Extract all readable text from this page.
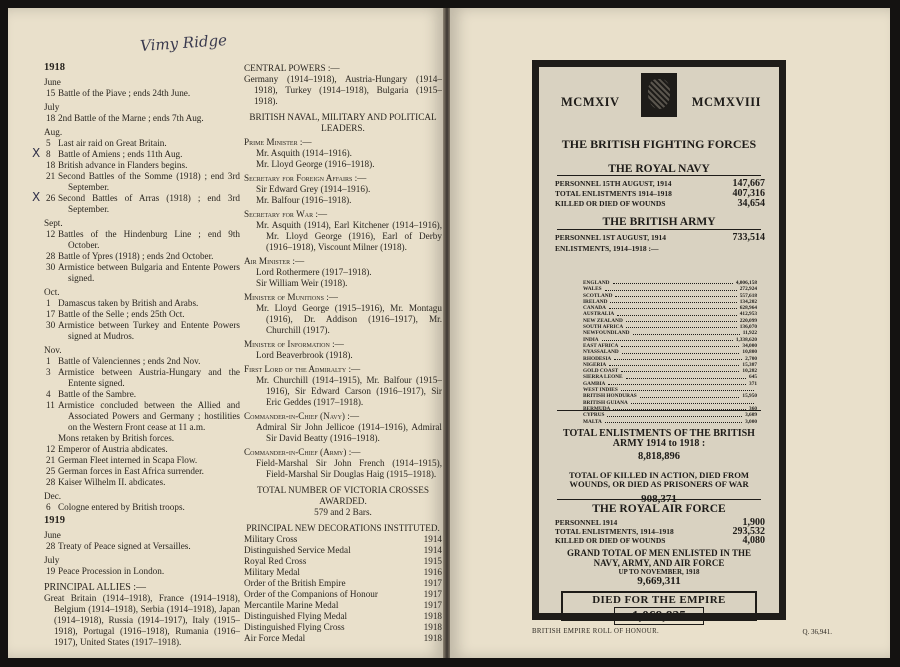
Vimy Ridge
1918
June
15 Battle of the Piave ; ends 24th June.
July
18 2nd Battle of the Marne ; ends 7th Aug.
Aug.
5 Last air raid on Great Britain.
X 8 Battle of Amiens ; ends 11th Aug.
18 British advance in Flanders begins.
21 Second Battles of the Somme (1918) ; end 3rd September.
X 26 Second Battles of Arras (1918) ; end 3rd September.
Sept.
12 Battles of the Hindenburg Line ; end 9th October.
28 Battle of Ypres (1918) ; ends 2nd October.
30 Armistice between Bulgaria and Entente Powers signed.
Oct.
1 Damascus taken by British and Arabs.
17 Battle of the Selle ; ends 25th Oct.
30 Armistice between Turkey and Entente Powers signed at Mudros.
Nov.
1 Battle of Valenciennes ; ends 2nd Nov.
3 Armistice between Austria-Hungary and the Entente signed.
4 Battle of the Sambre.
11 Armistice concluded between the Allied and Associated Powers and Germany ; hostilities on the Western Front cease at 11 a.m.
Mons retaken by British forces.
12 Emperor of Austria abdicates.
21 German Fleet interned in Scapa Flow.
25 German forces in East Africa surrender.
28 Kaiser Wilhelm II. abdicates.
Dec.
6 Cologne entered by British troops.
1919
June
28 Treaty of Peace signed at Versailles.
July
19 Peace Procession in London.
PRINCIPAL ALLIES :—
Great Britain (1914–1918), France (1914–1918), Belgium (1914–1918), Serbia (1914–1918), Japan (1914–1918), Russia (1914–1917), Italy (1915–1918), Portugal (1916–1918), Rumania (1916–1917), United States (1917–1918).
CENTRAL POWERS :—
Germany (1914–1918), Austria-Hungary (1914–1918), Turkey (1914–1918), Bulgaria (1915–1918).
BRITISH NAVAL, MILITARY AND POLITICAL LEADERS.
Prime Minister :—
Mr. Asquith (1914–1916).
Mr. Lloyd George (1916–1918).
Secretary for Foreign Affairs :—
Sir Edward Grey (1914–1916).
Mr. Balfour (1916–1918).
Secretary for War :—
Mr. Asquith (1914), Earl Kitchener (1914–1916), Mr. Lloyd George (1916), Earl of Derby (1916–1918), Viscount Milner (1918).
Air Minister :—
Lord Rothermere (1917–1918).
Sir William Weir (1918).
Minister of Munitions :—
Mr. Lloyd George (1915–1916), Mr. Montagu (1916), Dr. Addison (1916–1917), Mr. Churchill (1917).
Minister of Information :—
Lord Beaverbrook (1918).
First Lord of the Admiralty :—
Mr. Churchill (1914–1915), Mr. Balfour (1915–1916), Sir Edward Carson (1916–1917), Sir Eric Geddes (1917–1918).
Commander-in-Chief (Navy) :—
Admiral Sir John Jellicoe (1914–1916), Admiral Sir David Beatty (1916–1918).
Commander-in-Chief (Army) :—
Field-Marshal Sir John French (1914–1915), Field-Marshal Sir Douglas Haig (1915–1918).
TOTAL NUMBER OF VICTORIA CROSSES AWARDED.
579 and 2 Bars.
PRINCIPAL NEW DECORATIONS INSTITUTED.
Military Cross	1914
Distinguished Service Medal	1914
Royal Red Cross	1915
Military Medal	1916
Order of the British Empire	1917
Order of the Companions of Honour	1917
Mercantile Marine Medal	1917
Distinguished Flying Medal	1918
Distinguished Flying Cross	1918
Air Force Medal	1918
MCMXIV	MCMXVIII
THE BRITISH FIGHTING FORCES
THE ROYAL NAVY
PERSONNEL 15TH AUGUST, 1914	147,667
TOTAL ENLISTMENTS 1914–1918	407,316
KILLED OR DIED OF WOUNDS	34,654
THE BRITISH ARMY
PERSONNEL 1ST AUGUST, 1914	733,514
ENLISTMENTS, 1914–1918 :—
ENGLAND	4,006,158
WALES	272,924
SCOTLAND	557,618
IRELAND	134,202
CANADA	628,964
AUSTRALIA	412,953
NEW ZEALAND	220,099
SOUTH AFRICA	136,070
NEWFOUNDLAND	11,922
INDIA	1,338,620
EAST AFRICA	34,000
NYASSALAND	10,800
RHODESIA	2,700
NIGERIA	15,387
GOLD COAST	10,282
SIERRA LEONE	645
GAMBIA	371
WEST INDIES
BRITISH HONDURAS	15,950
BRITISH GUIANA
BERMUDA	360
CYPRUS	3,609
MALTA	3,000
TOTAL ENLISTMENTS OF THE BRITISH ARMY 1914 to 1918 :
8,818,896
TOTAL OF KILLED IN ACTION, DIED FROM WOUNDS, OR DIED AS PRISONERS OF WAR
908,371
THE ROYAL AIR FORCE
PERSONNEL 1914	1,900
TOTAL ENLISTMENTS, 1914–1918	293,532
KILLED OR DIED OF WOUNDS	4,080
GRAND TOTAL OF MEN ENLISTED IN THE NAVY, ARMY, AND AIR FORCE
UP TO NOVEMBER, 1918
9,669,311
DIED FOR THE EMPIRE
1,069,825
BRITISH EMPIRE ROLL OF HONOUR.	Q. 36,941.
